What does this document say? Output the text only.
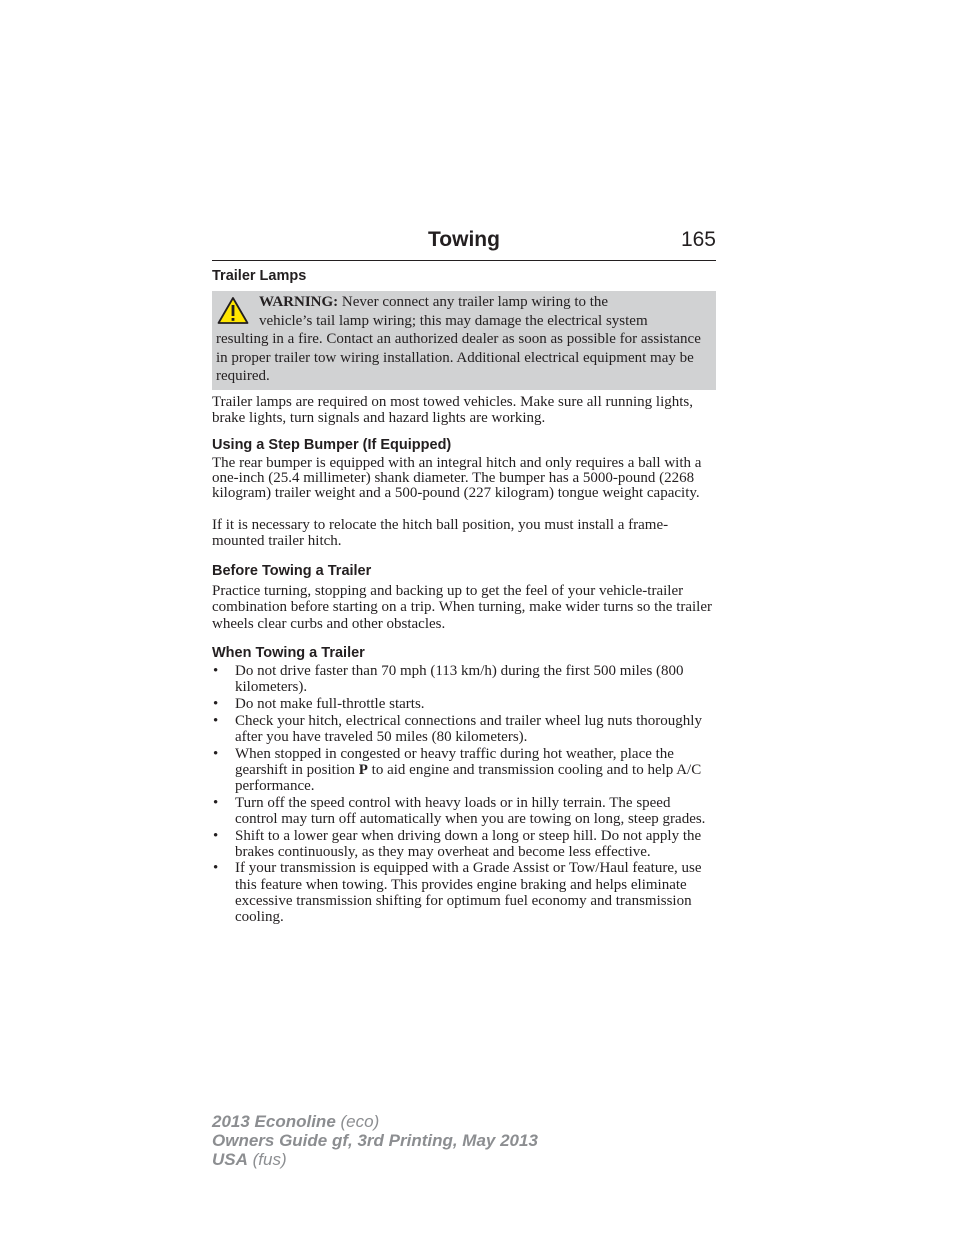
Towing	165
Trailer Lamps
WARNING: Never connect any trailer lamp wiring to the
vehicle’s tail lamp wiring; this may damage the electrical system
resulting in a fire. Contact an authorized dealer as soon as possible for assistance in proper trailer tow wiring installation. Additional electrical equipment may be required.
Trailer lamps are required on most towed vehicles. Make sure all running lights, brake lights, turn signals and hazard lights are working.
Using a Step Bumper (If Equipped)
The rear bumper is equipped with an integral hitch and only requires a ball with a one-inch (25.4 millimeter) shank diameter. The bumper has a 5000-pound (2268 kilogram) trailer weight and a 500-pound (227 kilogram) tongue weight capacity.
If it is necessary to relocate the hitch ball position, you must install a frame-mounted trailer hitch.
Before Towing a Trailer
Practice turning, stopping and backing up to get the feel of your vehicle-trailer combination before starting on a trip. When turning, make wider turns so the trailer wheels clear curbs and other obstacles.
When Towing a Trailer
• Do not drive faster than 70 mph (113 km/h) during the first 500 miles (800 kilometers).
• Do not make full-throttle starts.
• Check your hitch, electrical connections and trailer wheel lug nuts thoroughly after you have traveled 50 miles (80 kilometers).
• When stopped in congested or heavy traffic during hot weather, place the gearshift in position P to aid engine and transmission cooling and to help A/C performance.
• Turn off the speed control with heavy loads or in hilly terrain. The speed control may turn off automatically when you are towing on long, steep grades.
• Shift to a lower gear when driving down a long or steep hill. Do not apply the brakes continuously, as they may overheat and become less effective.
• If your transmission is equipped with a Grade Assist or Tow/Haul feature, use this feature when towing. This provides engine braking and helps eliminate excessive transmission shifting for optimum fuel economy and transmission cooling.
2013 Econoline (eco)
Owners Guide gf, 3rd Printing, May 2013
USA (fus)
